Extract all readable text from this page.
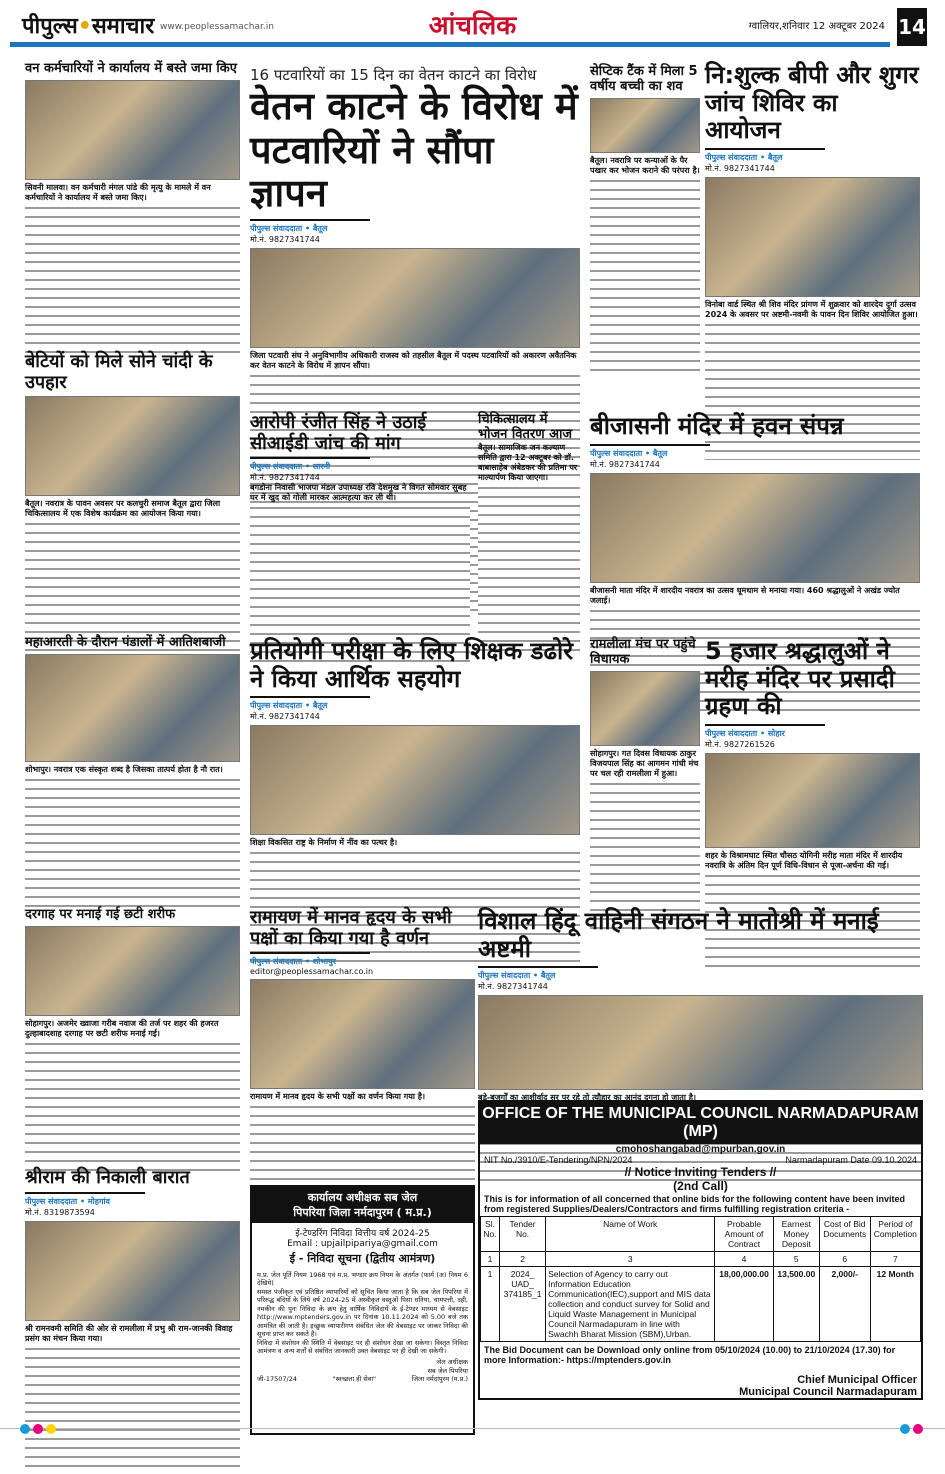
पीपुल्स•समाचार www.peoplessamachar.in	आंचलिक	ग्वालियर,शनिवार 12 अक्टूबर 2024 14
वन कर्मचारियों ने कार्यालय में बस्ते जमा किए
सिवनी मालवा। वन कर्मचारी मंगल पांडे की मृत्यु के मामले में वन कर्मचारियों ने कार्यालय में बस्ते जमा किए।
बेटियों को मिले सोने चांदी के उपहार
बैतूल। नवरात्र के पावन अवसर पर कलचुरी समाज बैतूल द्वारा जिला चिकित्सालय में एक विशेष कार्यक्रम का आयोजन किया गया।
महाआरती के दौरान पंडालों में आतिशबाजी
शोभापुर। नवरात्र एक संस्कृत शब्द है जिसका तात्पर्य होता है नौ रात।
दरगाह पर मनाई गई छटी शरीफ
सोहागपुर। अजमेर ख्वाजा गरीब नवाज की तर्ज पर शहर की हजरत दुल्हाबादशाह दरगाह पर छटी शरीफ मनाई गई।
श्रीराम की निकाली बारात
पीपुल्स संवाददाता • मोहगांव
मो.नं. 8319873594
श्री रामनवमी समिति की ओर से रामलीला में प्रभु श्री राम-जानकी विवाह प्रसंग का मंचन किया गया।
16 पटवारियों का 15 दिन का वेतन काटने का विरोध
वेतन काटने के विरोध में पटवारियों ने सौंपा ज्ञापन
पीपुल्स संवाददाता • बैतूल
मो.नं. 9827341744
जिला पटवारी संघ ने अनुविभागीय अधिकारी राजस्व को तहसील बैतूल में पदस्थ पटवारियों को अकारण अवैतनिक कर वेतन काटने के विरोध में ज्ञापन सौंपा।
सेप्टिक टैंक में मिला 5 वर्षीय बच्ची का शव
बैतूल। नवरात्रि पर कन्याओं के पैर पखार कर भोजन कराने की परंपरा है।
नि:शुल्क बीपी और शुगर जांच शिविर का आयोजन
पीपुल्स संवाददाता • बैतूल
मो.नं. 9827341744
विनोबा वार्ड स्थित श्री शिव मंदिर प्रांगण में शुक्रवार को शारदेय दुर्गा उत्सव 2024 के अवसर पर अष्टमी-नवमी के पावन दिन शिविर आयोजित हुआ।
आरोपी रंजीत सिंह ने उठाई सीआईडी जांच की मांग
पीपुल्स संवाददाता • सारनी
मो.नं. 9827341744
बगडोना निवासी भाजपा मंडल उपाध्यक्ष रवि देशमुख ने विगत सोमवार सुबह घर में खुद को गोली मारकर आत्महत्या कर ली थी।
चिकित्सालय में भोजन वितरण आज
बैतूल। सामाजिक जन कल्याण समिति द्वारा 12 अक्टूबर को डॉ. बाबासाहेब अंबेडकर की प्रतिमा पर माल्यार्पण किया जाएगा।
बीजासनी मंदिर में हवन संपन्न
पीपुल्स संवाददाता • बैतूल
मो.नं. 9827341744
बीजासनी माता मंदिर में शारदीय नवरात्र का उत्सव धूमधाम से मनाया गया। 460 श्रद्धालुओं ने अखंड ज्योत जलाई।
प्रतियोगी परीक्षा के लिए शिक्षक डढोरे ने किया आर्थिक सहयोग
पीपुल्स संवाददाता • बैतूल
मो.नं. 9827341744
शिक्षा विकसित राष्ट्र के निर्माण में नींव का पत्थर है।
रामलीला मंच पर पहुंचे विधायक
सोहागपुर। गत दिवस विधायक ठाकुर विजयपाल सिंह का आगमन गांधी मंच पर चल रही रामलीला में हुआ।
5 हजार श्रद्धालुओं ने मरीह मंदिर पर प्रसादी ग्रहण की
पीपुल्स संवाददाता • सोहार
मो.नं. 9827261526
शहर के विश्रामघाट स्थित चौसठ योगिनी मरीह माता मंदिर में शारदीय नवरात्रि के अंतिम दिन पूर्ण विधि-विधान से पूजा-अर्चना की गई।
रामायण में मानव हृदय के सभी पक्षों का किया गया है वर्णन
पीपुल्स संवाददाता • शोभापुर
editor@peoplessamachar.co.in
रामायण में मानव हृदय के सभी पक्षों का वर्णन किया गया है।
विशाल हिंदू वाहिनी संगठन ने मातोश्री में मनाई अष्टमी
पीपुल्स संवाददाता • बैतूल
मो.नं. 9827341744
बड़े-बुजुर्गों का आशीर्वाद सर पर रहे तो त्यौहार का आनंद दुगना हो जाता है।
कार्यालय अधीक्षक सब जेल
पिपरिया जिला नर्मदापुरम ( म.प्र.)
ई-टेण्डरिंग निविदा वित्तीय वर्ष 2024-25
Email : upjailpipariya@gmail.com
ई - निविदा सूचना (द्वितीय आमंत्रण)

म.प्र. जेल पूर्ति नियम 1968 एवं म.प्र. भण्डार क्रय नियम के अंतर्गत (फार्म (अ) नियम 6 देखिये)

समस्त पंजीकृत एवं प्रतिष्ठित व्यापारियों को सूचित किया जाता है कि सब जेल पिपरिया में परिरुद्ध बंदियों के लिये वर्ष 2024-25 में अस्वीकृत वस्तुओं पिसा धनिया, चायपत्ती, दही, नमकीन की पुनः निविदा के क्रय हेतु वार्षिक निविदायें के ई-टेण्डर माध्यम से वेबसाइट http://www.mptenders.gov.in पर दिनांक 10.11.2024 को 5.00 बजे तक आमंत्रित की जाती है। इच्छुक व्यापारीगण संबंधित जेल की वेबसाइट पर जाकर निविदा की सूचना प्राप्त कर सकते है।

निविदा में संशोधन की स्थिति में वेबसाइट पर ही संशोधन देखा जा सकेगा। विस्तृत निविदा आमंत्रण व अन्य शर्तों से संबंधित जानकारी उक्त वेबसाइट पर ही देखी जा सकेगी।

जेल अधीक्षक
सब जेल पिपरिया
जी-17507/24	"स्वच्छता ही सेवा"	जिला नर्मदापुरम (म.प्र.)
OFFICE OF THE MUNICIPAL COUNCIL NARMADAPURAM (MP)
cmohoshangabad@mpurban.gov.in
NIT No./3910/E-Tendering/NPN/2024	Narmadapuram Date 09.10.2024
// Notice Inviting Tenders //
(2nd Call)
This is for information of all concerned that online bids for the following content have been invited from registered Supplies/Dealers/Contractors and firms fulfilling registration criteria -
Sl. No.	Tender No.	Name of Work	Probable Amount of Contract	Earnest Money Deposit	Cost of Bid Documents	Period of Completion
1	2	3	4	5	6	7
1	2024_ UAD_ 374185_1	Selection of Agency to carry out Information Education Communication(IEC),support and MIS data collection and conduct survey for Solid and Liquid Waste Management in Municipal Council Narmadapuram in line with Swachh Bharat Mission (SBM),Urban.	18,00,000.00	13,500.00	2,000/-	12 Month
The Bid Document can be Download only online from 05/10/2024 (10.00) to 21/10/2024 (17.30) for more Information:- https://mptenders.gov.in
Chief Municipal Officer
Municipal Council Narmadapuram
